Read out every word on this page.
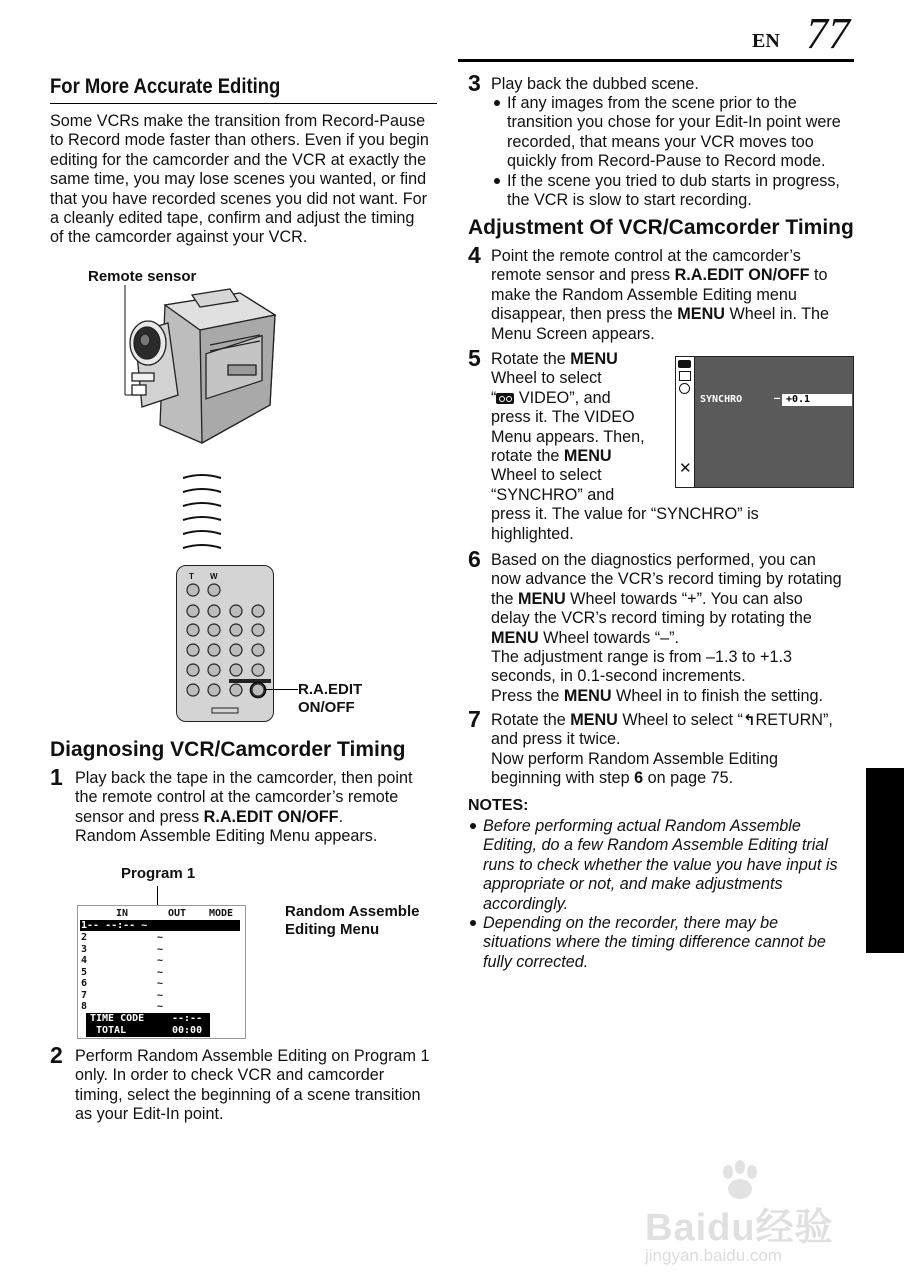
EN 77
For More Accurate Editing
Some VCRs make the transition from Record-Pause
to Record mode faster than others. Even if you begin
editing for the camcorder and the VCR at exactly the
same time, you may lose scenes you wanted, or find
that you have recorded scenes you did not want. For
a cleanly edited tape, confirm and adjust the timing
of the camcorder against your VCR.
Remote sensor
T W
R.A.EDIT
ON/OFF
Diagnosing VCR/Camcorder Timing
1 Play back the tape in the camcorder, then point
the remote control at the camcorder’s remote
sensor and press R.A.EDIT ON/OFF.
Random Assemble Editing Menu appears.
Program 1
IN	OUT MODE
1-- --:-- ~
2	~
3	~
4	~
5	~
6	~
7	~
8	~
TIME CODE	--:--
TOTAL	00:00
Random Assemble
Editing Menu
2 Perform Random Assemble Editing on Program 1
only. In order to check VCR and camcorder
timing, select the beginning of a scene transition
as your Edit-In point.
3 Play back the dubbed scene.
If any images from the scene prior to the
transition you chose for your Edit-In point were
recorded, that means your VCR moves too
quickly from Record-Pause to Record mode.
If the scene you tried to dub starts in progress,
the VCR is slow to start recording.
Adjustment Of VCR/Camcorder Timing
4 Point the remote control at the camcorder’s
remote sensor and press R.A.EDIT ON/OFF to
make the Random Assemble Editing menu
disappear, then press the MENU Wheel in. The
Menu Screen appears.
5 Rotate the MENU
Wheel to select
“
VIDEO”, and
press it. The VIDEO
Menu appears. Then,
rotate the MENU
Wheel to select
“SYNCHRO” and
press it. The value for “SYNCHRO” is
highlighted.
✕
SYNCHRO	– +0.1
6 Based on the diagnostics performed, you can
now advance the VCR’s record timing by rotating
the MENU Wheel towards “+”. You can also
delay the VCR’s record timing by rotating the
MENU Wheel towards “–”.
The adjustment range is from –1.3 to +1.3
seconds, in 0.1-second increments.
Press the MENU Wheel in to finish the setting.
7 Rotate the MENU Wheel to select “↰RETURN”,
and press it twice.
Now perform Random Assemble Editing
beginning with step 6 on page 75.
NOTES:
Before performing actual Random Assemble
Editing, do a few Random Assemble Editing trial
runs to check whether the value you have input is
appropriate or not, and make adjustments
accordingly.
Depending on the recorder, there may be
situations where the timing difference cannot be
fully corrected.
Baidu经验
jingyan.baidu.com
